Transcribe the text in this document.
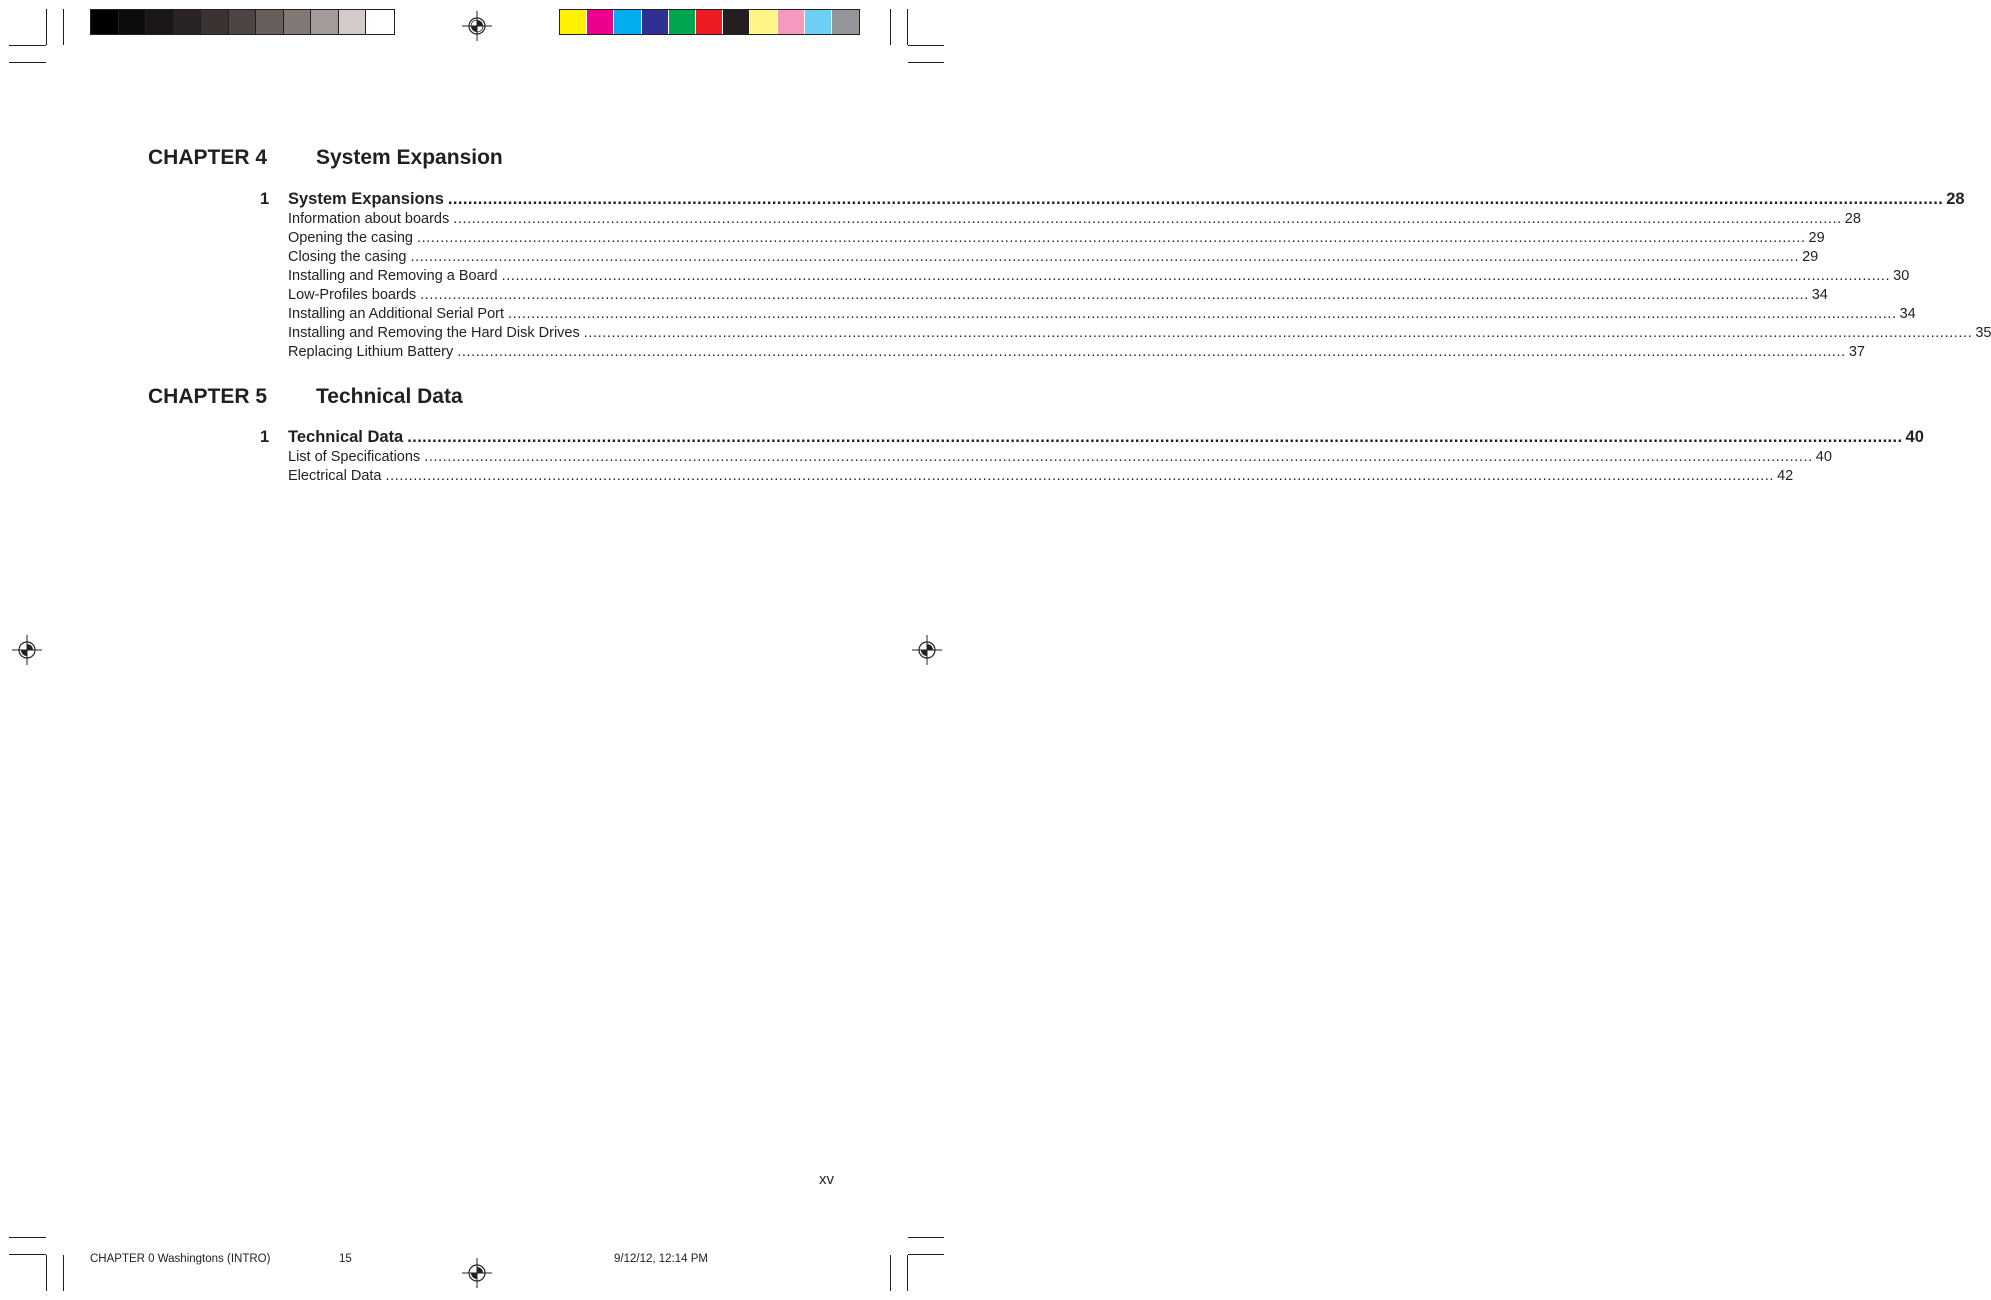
CHAPTER 4 System Expansion
1 System Expansions ............................................................................................................................................................................................................................................................................................................ 28
Information about boards ............................................................................................................................................................................................................................................................................................................ 28
Opening the casing ............................................................................................................................................................................................................................................................................................................ 29
Closing the casing ............................................................................................................................................................................................................................................................................................................ 29
Installing and Removing a Board ............................................................................................................................................................................................................................................................................................................ 30
Low-Profiles boards ............................................................................................................................................................................................................................................................................................................ 34
Installing an Additional Serial Port ............................................................................................................................................................................................................................................................................................................ 34
Installing and Removing the Hard Disk Drives ............................................................................................................................................................................................................................................................................................................ 35
Replacing Lithium Battery ............................................................................................................................................................................................................................................................................................................ 37
CHAPTER 5 Technical Data
1 Technical Data ............................................................................................................................................................................................................................................................................................................ 40
List of Specifications ............................................................................................................................................................................................................................................................................................................ 40
Electrical Data ............................................................................................................................................................................................................................................................................................................ 42
xv
CHAPTER 0 Washingtons (INTRO)	15	9/12/12, 12:14 PM
